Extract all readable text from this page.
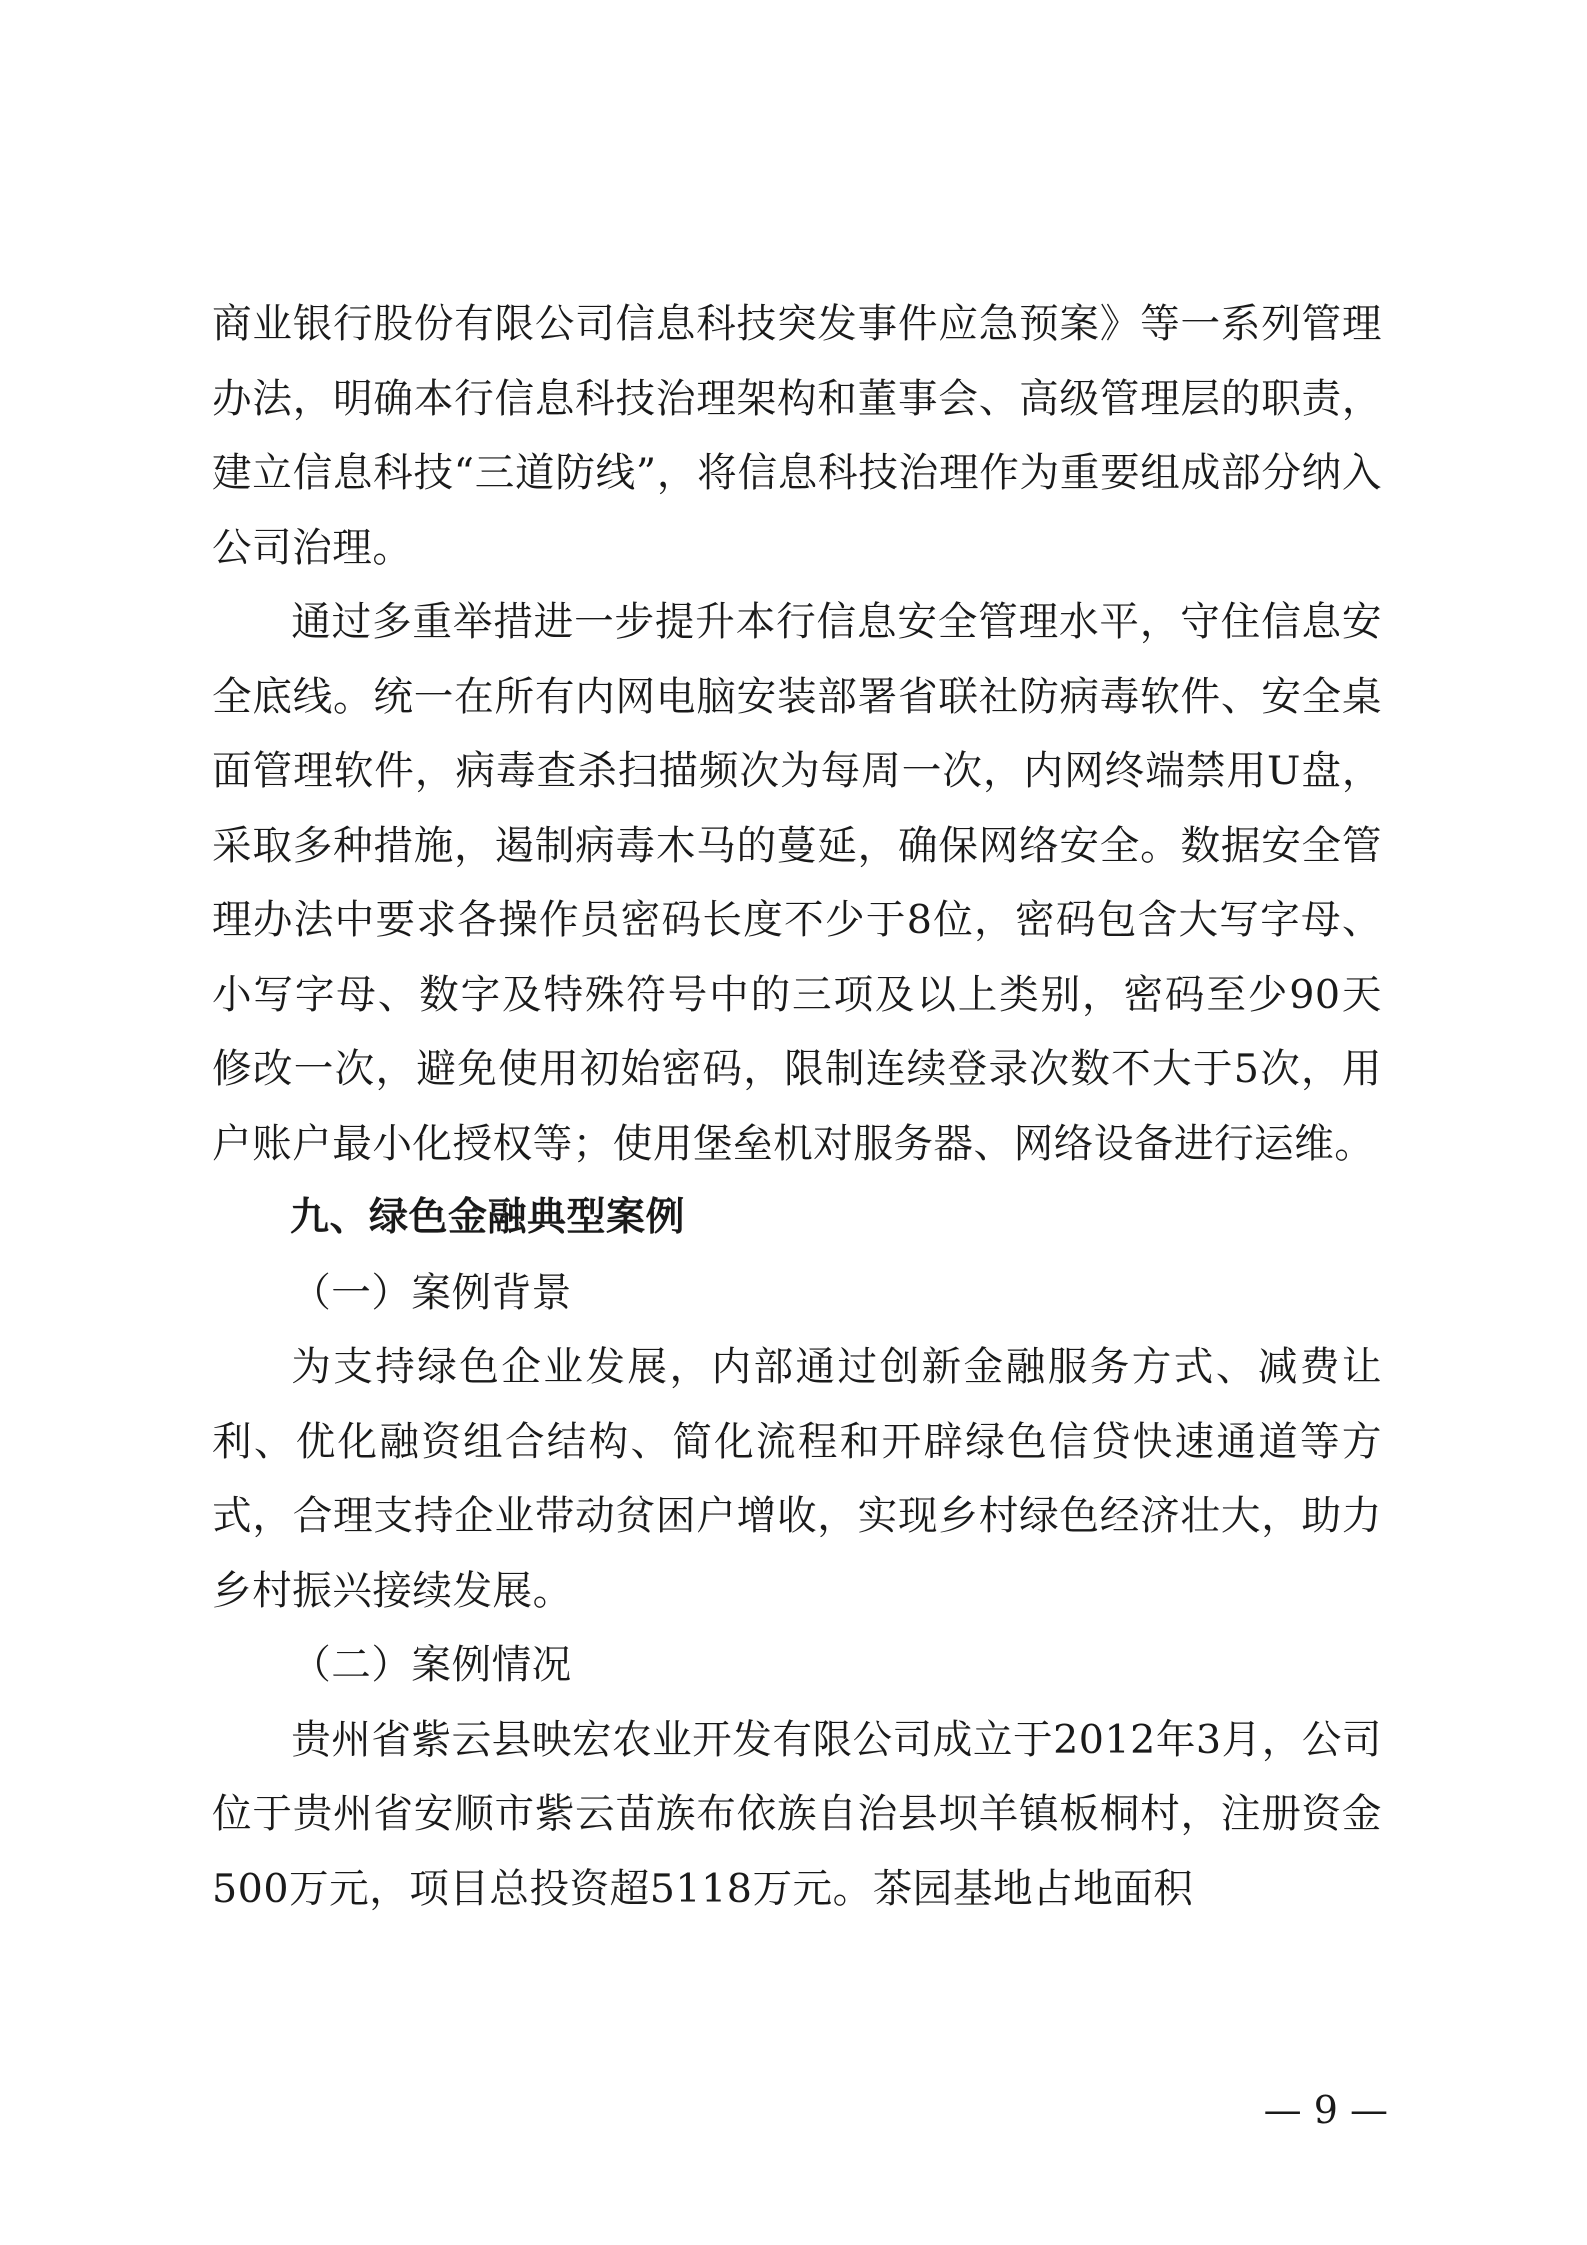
商业银行股份有限公司信息科技突发事件应急预案》等一系列管理办法，明确本行信息科技治理架构和董事会、高级管理层的职责，建立信息科技“三道防线”，将信息科技治理作为重要组成部分纳入公司治理。

通过多重举措进一步提升本行信息安全管理水平，守住信息安全底线。统一在所有内网电脑安装部署省联社防病毒软件、安全桌面管理软件，病毒查杀扫描频次为每周一次，内网终端禁用U盘，采取多种措施，遏制病毒木马的蔓延，确保网络安全。数据安全管理办法中要求各操作员密码长度不少于8位，密码包含大写字母、小写字母、数字及特殊符号中的三项及以上类别，密码至少90天修改一次，避免使用初始密码，限制连续登录次数不大于5次，用户账户最小化授权等；使用堡垒机对服务器、网络设备进行运维。

九、绿色金融典型案例

（一）案例背景

为支持绿色企业发展，内部通过创新金融服务方式、减费让利、优化融资组合结构、简化流程和开辟绿色信贷快速通道等方式，合理支持企业带动贫困户增收，实现乡村绿色经济壮大，助力乡村振兴接续发展。

（二）案例情况

贵州省紫云县映宏农业开发有限公司成立于2012年3月，公司位于贵州省安顺市紫云苗族布依族自治县坝羊镇板桐村，注册资金500万元，项目总投资超5118万元。茶园基地占地面积

— 9 —
